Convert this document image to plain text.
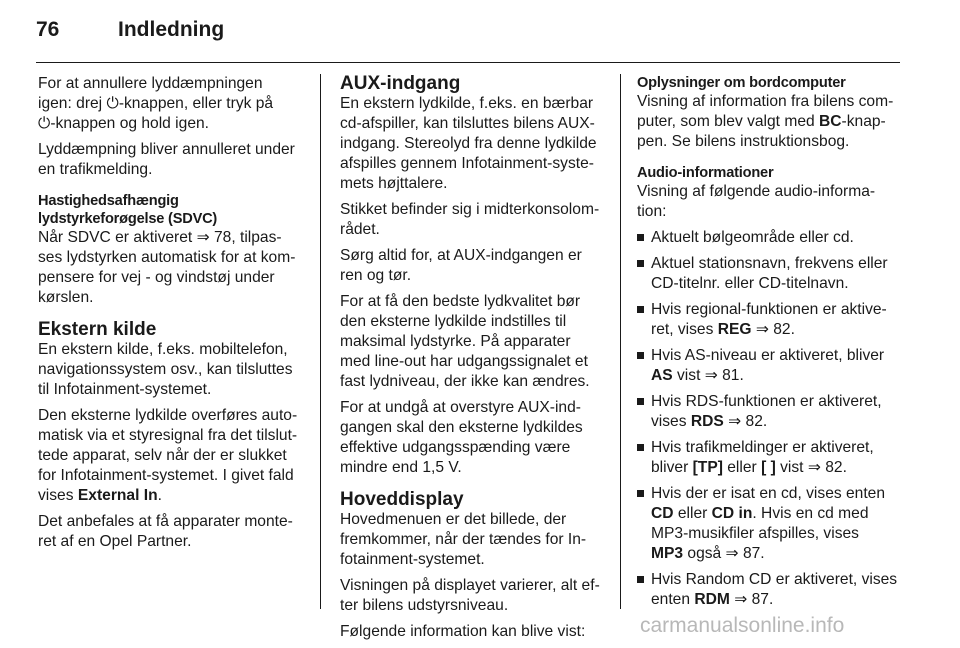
76	Indledning

For at annullere lyddæmpningen
igen: drej ⏻-knappen, eller tryk på
⏻-knappen og hold igen.

Lyddæmpning bliver annulleret under
en trafikmelding.

Hastighedsafhængig
lydstyrkeforøgelse (SDVC)

Når SDVC er aktiveret ⇒ 78, tilpas-
ses lydstyrken automatisk for at kom-
pensere for vej - og vindstøj under
kørslen.

Ekstern kilde

En ekstern kilde, f.eks. mobiltelefon,
navigationssystem osv., kan tilsluttes
til Infotainment-systemet.

Den eksterne lydkilde overføres auto-
matisk via et styresignal fra det tilslut-
tede apparat, selv når der er slukket
for Infotainment-systemet. I givet fald
vises External In.

Det anbefales at få apparater monte-
ret af en Opel Partner.

AUX-indgang

En ekstern lydkilde, f.eks. en bærbar
cd-afspiller, kan tilsluttes bilens AUX-
indgang. Stereolyd fra denne lydkilde
afspilles gennem Infotainment-syste-
mets højttalere.

Stikket befinder sig i midterkonsolom-
rådet.

Sørg altid for, at AUX-indgangen er
ren og tør.

For at få den bedste lydkvalitet bør
den eksterne lydkilde indstilles til
maksimal lydstyrke. På apparater
med line-out har udgangssignalet et
fast lydniveau, der ikke kan ændres.

For at undgå at overstyre AUX-ind-
gangen skal den eksterne lydkildes
effektive udgangsspænding være
mindre end 1,5 V.

Hoveddisplay

Hovedmenuen er det billede, der
fremkommer, når der tændes for In-
fotainment-systemet.

Visningen på displayet varierer, alt ef-
ter bilens udstyrsniveau.

Følgende information kan blive vist:

Oplysninger om bordcomputer

Visning af information fra bilens com-
puter, som blev valgt med BC-knap-
pen. Se bilens instruktionsbog.

Audio-informationer

Visning af følgende audio-informa-
tion:

Aktuelt bølgeområde eller cd.
Aktuel stationsnavn, frekvens eller
CD-titelnr. eller CD-titelnavn.
Hvis regional-funktionen er aktive-
ret, vises REG ⇒ 82.
Hvis AS-niveau er aktiveret, bliver
AS vist ⇒ 81.
Hvis RDS-funktionen er aktiveret,
vises RDS ⇒ 82.
Hvis trafikmeldinger er aktiveret,
bliver [TP] eller [ ] vist ⇒ 82.
Hvis der er isat en cd, vises enten
CD eller CD in. Hvis en cd med
MP3-musikfiler afspilles, vises
MP3 også ⇒ 87.
Hvis Random CD er aktiveret, vises
enten RDM ⇒ 87.
carmanualsonline.info
